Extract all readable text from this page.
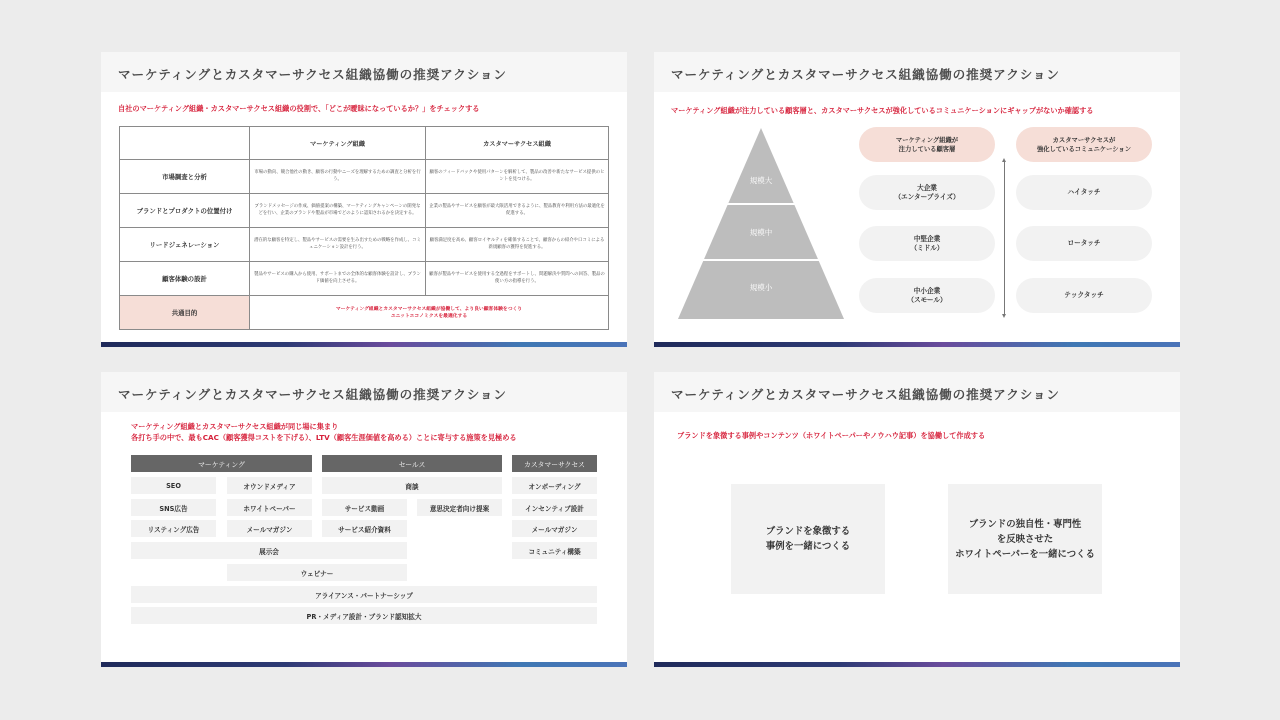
マーケティングとカスタマーサクセス組織協働の推奨アクション
自社のマーケティング組織・カスタマーサクセス組織の役割で、「どこが曖昧になっているか？」をチェックする
	マーケティング組織	カスタマーサクセス組織
市場調査と分析	市場の動向、競合他社の動き、顧客の行動やニーズを理解するための調査と分析を行う。	顧客のフィードバックや使用パターンを解析して、製品の改善や新たなサービス提供のヒントを見つける。
ブランドとプロダクトの位置付け	ブランドメッセージの作成、価値提案の構築、マーケティングキャンペーンの開発などを行い、企業のブランドや製品が市場でどのように認知されるかを決定する。	企業の製品やサービスを顧客が最大限活用できるように、製品教育や利用方法の最適化を促進する。
リードジェネレーション	潜在的な顧客を特定し、製品やサービスの需要を生み出すための戦略を作成し、コミュニケーション設計を行う。	顧客満足度を高め、顧客ロイヤルティを確保することで、顧客からの紹介や口コミによる新規顧客の獲得を促進する。
顧客体験の設計	製品やサービスの購入から使用、サポートまでの全体的な顧客体験を設計し、ブランド価値を向上させる。	顧客が製品やサービスを使用する全過程をサポートし、問題解決や質問への回答、製品の使い方の指導を行う。
共通目的	マーケティング組織とカスタマーサクセス組織が協働して、より良い顧客体験をつくり
ユニットエコノミクスを最適化する	
マーケティングとカスタマーサクセス組織協働の推奨アクション
マーケティング組織が注力している顧客層と、カスタマーサクセスが強化しているコミュニケーションにギャップがないか確認する
規模大
規模中
規模小
マーケティング組織が
注力している顧客層
カスタマーサクセスが
強化しているコミュニケーション
大企業
（エンタープライズ）
中堅企業
（ミドル）
中小企業
（スモール）
ハイタッチ
ロータッチ
テックタッチ
マーケティングとカスタマーサクセス組織協働の推奨アクション
マーケティング組織とカスタマーサクセス組織が同じ場に集まり
各打ち手の中で、最もCAC（顧客獲得コストを下げる）、LTV（顧客生涯価値を高める）ことに寄与する施策を見極める
マーケティング	セールス	カスタマーサクセス
SEO	オウンドメディア
SNS広告	ホワイトペーパー
リスティング広告	メールマガジン
商談
サービス動画	意思決定者向け提案
サービス紹介資料
オンボーディング
インセンティブ設計
メールマガジン
コミュニティ構築
展示会
ウェビナー
アライアンス・パートナーシップ
PR・メディア設計・ブランド認知拡大
マーケティングとカスタマーサクセス組織協働の推奨アクション
ブランドを象徴する事例やコンテンツ（ホワイトペーパーやノウハウ記事）を協働して作成する
ブランドを象徴する
事例を一緒につくる
ブランドの独自性・専門性
を反映させた
ホワイトペーパーを一緒につくる
